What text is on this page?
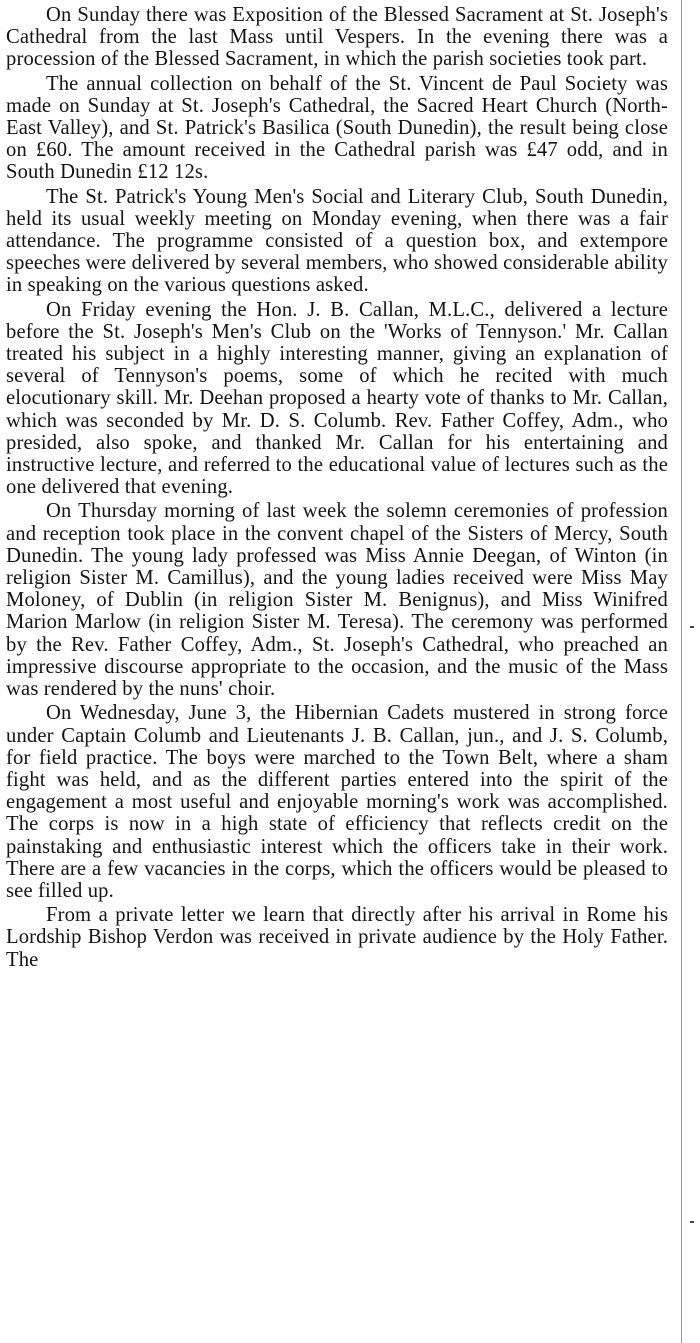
On Sunday there was Exposition of the Blessed Sacrament at St. Joseph's Cathedral from the last Mass until Vespers. In the evening there was a procession of the Blessed Sacrament, in which the parish societies took part.

The annual collection on behalf of the St. Vincent de Paul Society was made on Sunday at St. Joseph's Cathedral, the Sacred Heart Church (North-East Valley), and St. Patrick's Basilica (South Dunedin), the result being close on £60. The amount received in the Cathedral parish was £47 odd, and in South Dunedin £12 12s.

The St. Patrick's Young Men's Social and Literary Club, South Dunedin, held its usual weekly meeting on Monday evening, when there was a fair attendance. The programme consisted of a question box, and extempore speeches were delivered by several members, who showed considerable ability in speaking on the various questions asked.

On Friday evening the Hon. J. B. Callan, M.L.C., delivered a lecture before the St. Joseph's Men's Club on the 'Works of Tennyson.' Mr. Callan treated his subject in a highly interesting manner, giving an explanation of several of Tennyson's poems, some of which he recited with much elocutionary skill. Mr. Deehan proposed a hearty vote of thanks to Mr. Callan, which was seconded by Mr. D. S. Columb. Rev. Father Coffey, Adm., who presided, also spoke, and thanked Mr. Callan for his entertaining and instructive lecture, and referred to the educational value of lectures such as the one delivered that evening.

On Thursday morning of last week the solemn ceremonies of profession and reception took place in the convent chapel of the Sisters of Mercy, South Dunedin. The young lady professed was Miss Annie Deegan, of Winton (in religion Sister M. Camillus), and the young ladies received were Miss May Moloney, of Dublin (in religion Sister M. Benignus), and Miss Winifred Marion Marlow (in religion Sister M. Teresa). The ceremony was performed by the Rev. Father Coffey, Adm., St. Joseph's Cathedral, who preached an impressive discourse appropriate to the occasion, and the music of the Mass was rendered by the nuns' choir.

On Wednesday, June 3, the Hibernian Cadets mustered in strong force under Captain Columb and Lieutenants J. B. Callan, jun., and J. S. Columb, for field practice. The boys were marched to the Town Belt, where a sham fight was held, and as the different parties entered into the spirit of the engagement a most useful and enjoyable morning's work was accomplished. The corps is now in a high state of efficiency that reflects credit on the painstaking and enthusiastic interest which the officers take in their work. There are a few vacancies in the corps, which the officers would be pleased to see filled up.

From a private letter we learn that directly after his arrival in Rome his Lordship Bishop Verdon was received in private audience by the Holy Father. The
